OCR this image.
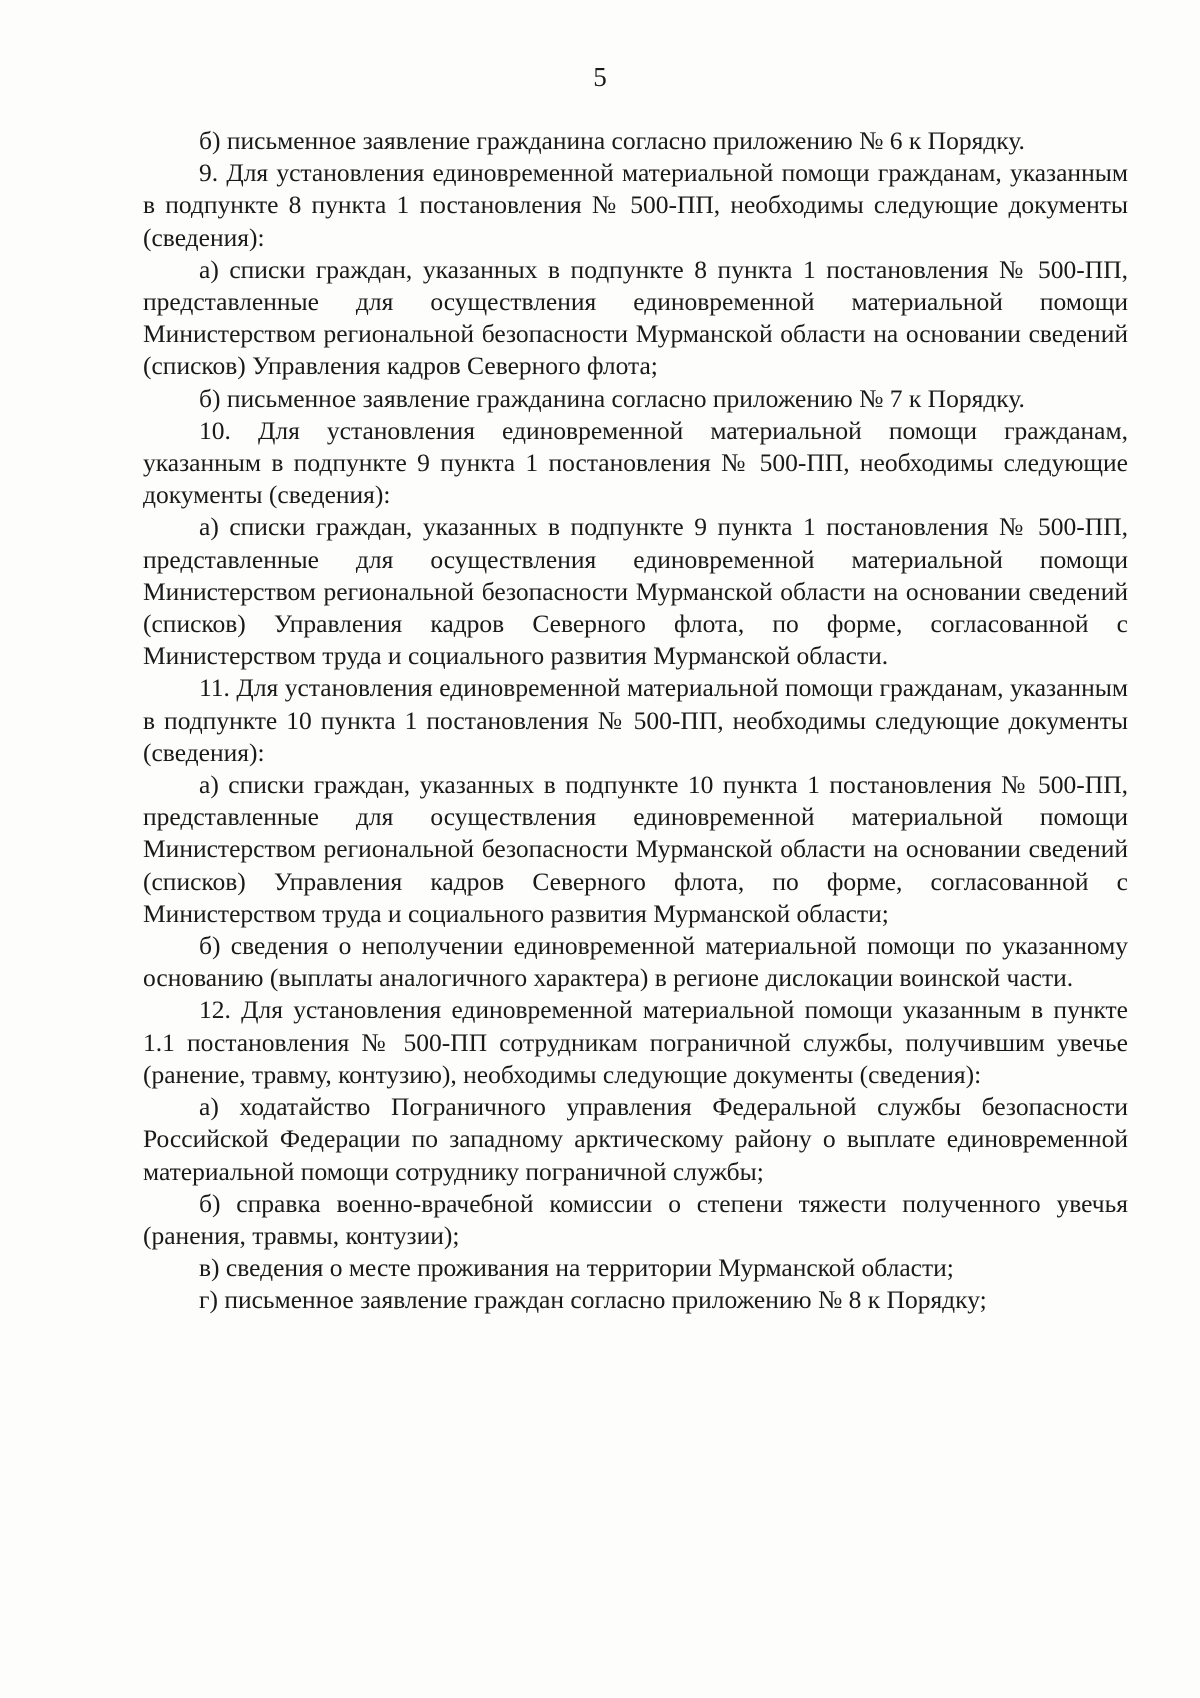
5

б) письменное заявление гражданина согласно приложению № 6 к Порядку.

9. Для установления единовременной материальной помощи гражданам, указанным в подпункте 8 пункта 1 постановления № 500-ПП, необходимы следующие документы (сведения):

а) списки граждан, указанных в подпункте 8 пункта 1 постановления № 500-ПП, представленные для осуществления единовременной материальной помощи Министерством региональной безопасности Мурманской области на основании сведений (списков) Управления кадров Северного флота;

б) письменное заявление гражданина согласно приложению № 7 к Порядку.

10. Для установления единовременной материальной помощи гражданам, указанным в подпункте 9 пункта 1 постановления № 500-ПП, необходимы следующие документы (сведения):

а) списки граждан, указанных в подпункте 9 пункта 1 постановления № 500-ПП, представленные для осуществления единовременной материальной помощи Министерством региональной безопасности Мурманской области на основании сведений (списков) Управления кадров Северного флота, по форме, согласованной с Министерством труда и социального развития Мурманской области.

11. Для установления единовременной материальной помощи гражданам, указанным в подпункте 10 пункта 1 постановления № 500-ПП, необходимы следующие документы (сведения):

а) списки граждан, указанных в подпункте 10 пункта 1 постановления № 500-ПП, представленные для осуществления единовременной материальной помощи Министерством региональной безопасности Мурманской области на основании сведений (списков) Управления кадров Северного флота, по форме, согласованной с Министерством труда и социального развития Мурманской области;

б) сведения о неполучении единовременной материальной помощи по указанному основанию (выплаты аналогичного характера) в регионе дислокации воинской части.

12. Для установления единовременной материальной помощи указанным в пункте 1.1 постановления № 500-ПП сотрудникам пограничной службы, получившим увечье (ранение, травму, контузию), необходимы следующие документы (сведения):

а) ходатайство Пограничного управления Федеральной службы безопасности Российской Федерации по западному арктическому району о выплате единовременной материальной помощи сотруднику пограничной службы;

б) справка военно-врачебной комиссии о степени тяжести полученного увечья (ранения, травмы, контузии);

в) сведения о месте проживания на территории Мурманской области;

г) письменное заявление граждан согласно приложению № 8 к Порядку;
